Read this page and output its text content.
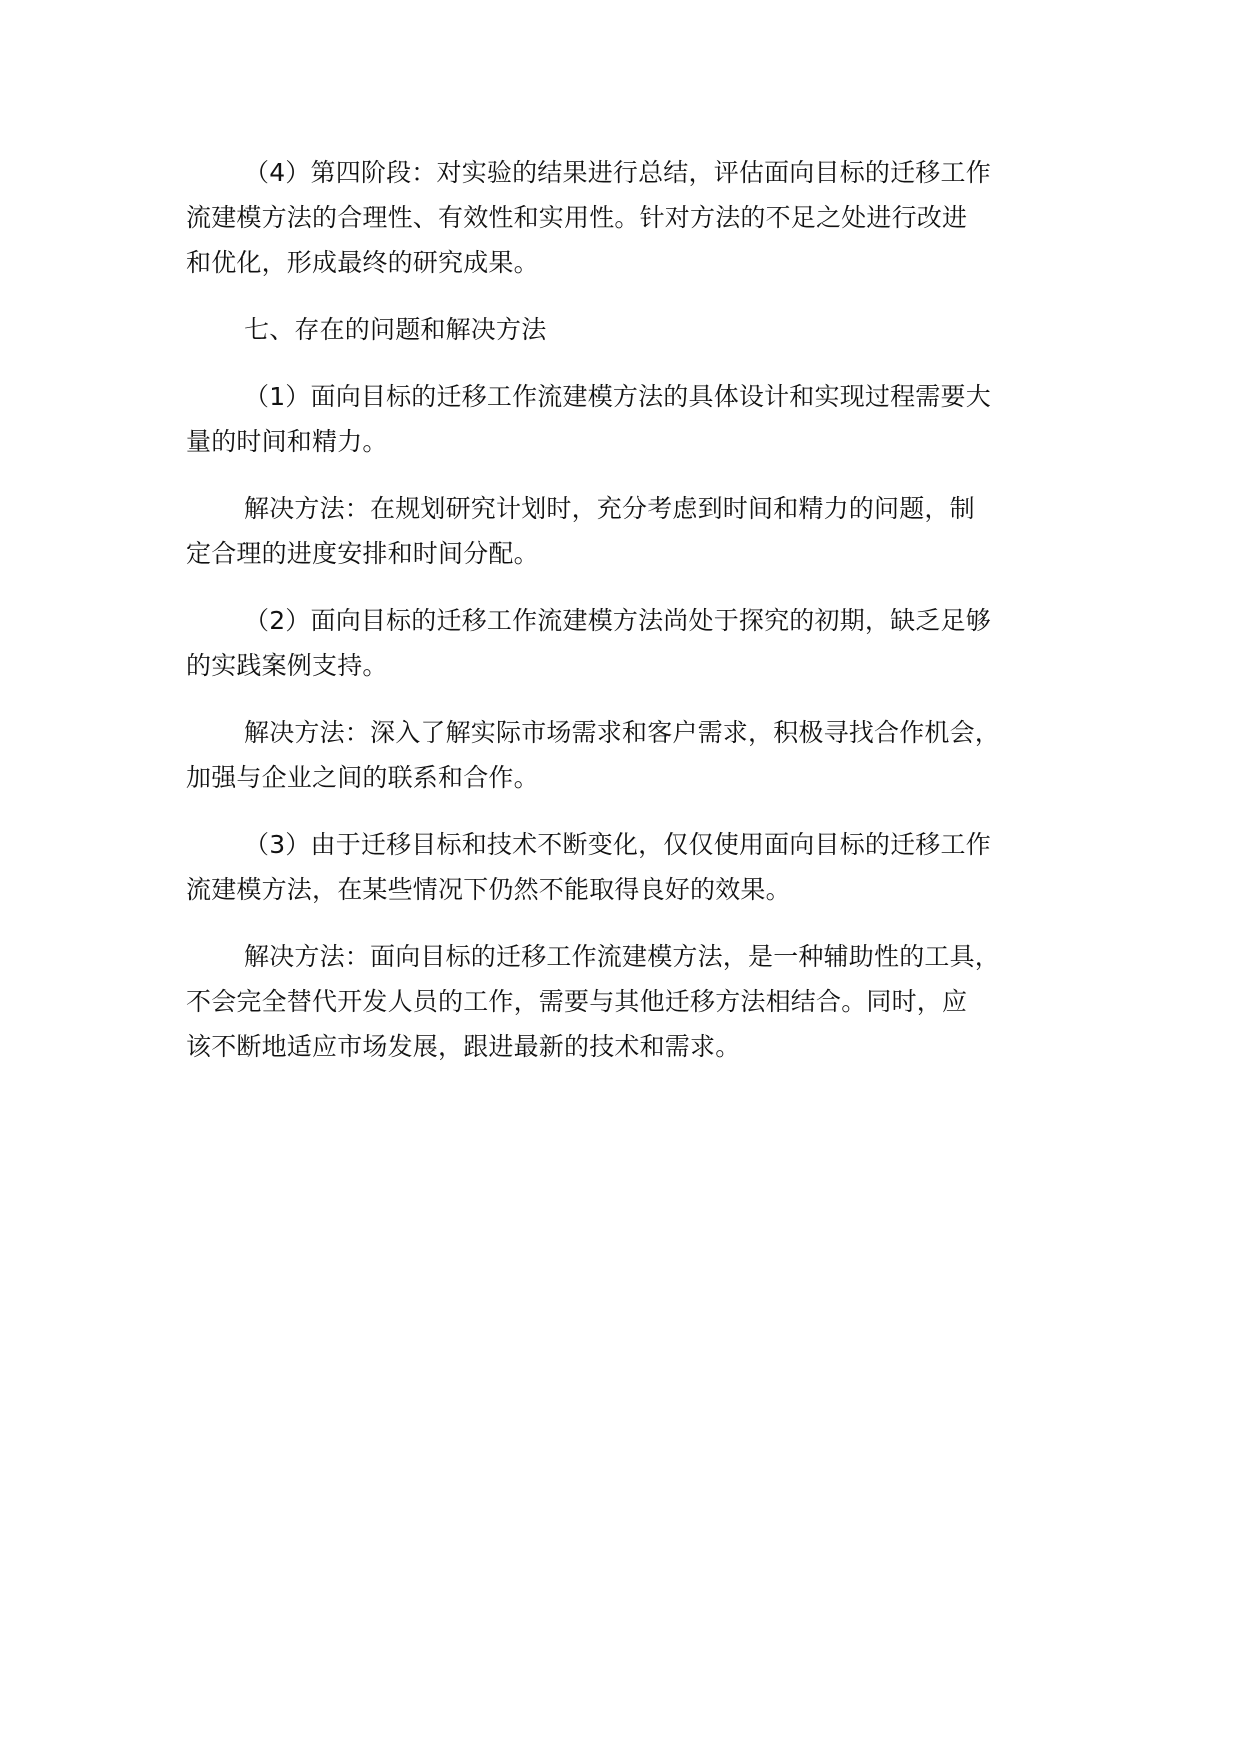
（4）第四阶段：对实验的结果进行总结，评估面向目标的迁移工作
流建模方法的合理性、有效性和实用性。针对方法的不足之处进行改进
和优化，形成最终的研究成果。

七、存在的问题和解决方法

（1）面向目标的迁移工作流建模方法的具体设计和实现过程需要大
量的时间和精力。

解决方法：在规划研究计划时，充分考虑到时间和精力的问题，制
定合理的进度安排和时间分配。

（2）面向目标的迁移工作流建模方法尚处于探究的初期，缺乏足够
的实践案例支持。

解决方法：深入了解实际市场需求和客户需求，积极寻找合作机会，
加强与企业之间的联系和合作。

（3）由于迁移目标和技术不断变化，仅仅使用面向目标的迁移工作
流建模方法，在某些情况下仍然不能取得良好的效果。

解决方法：面向目标的迁移工作流建模方法，是一种辅助性的工具，
不会完全替代开发人员的工作，需要与其他迁移方法相结合。同时，应
该不断地适应市场发展，跟进最新的技术和需求。
